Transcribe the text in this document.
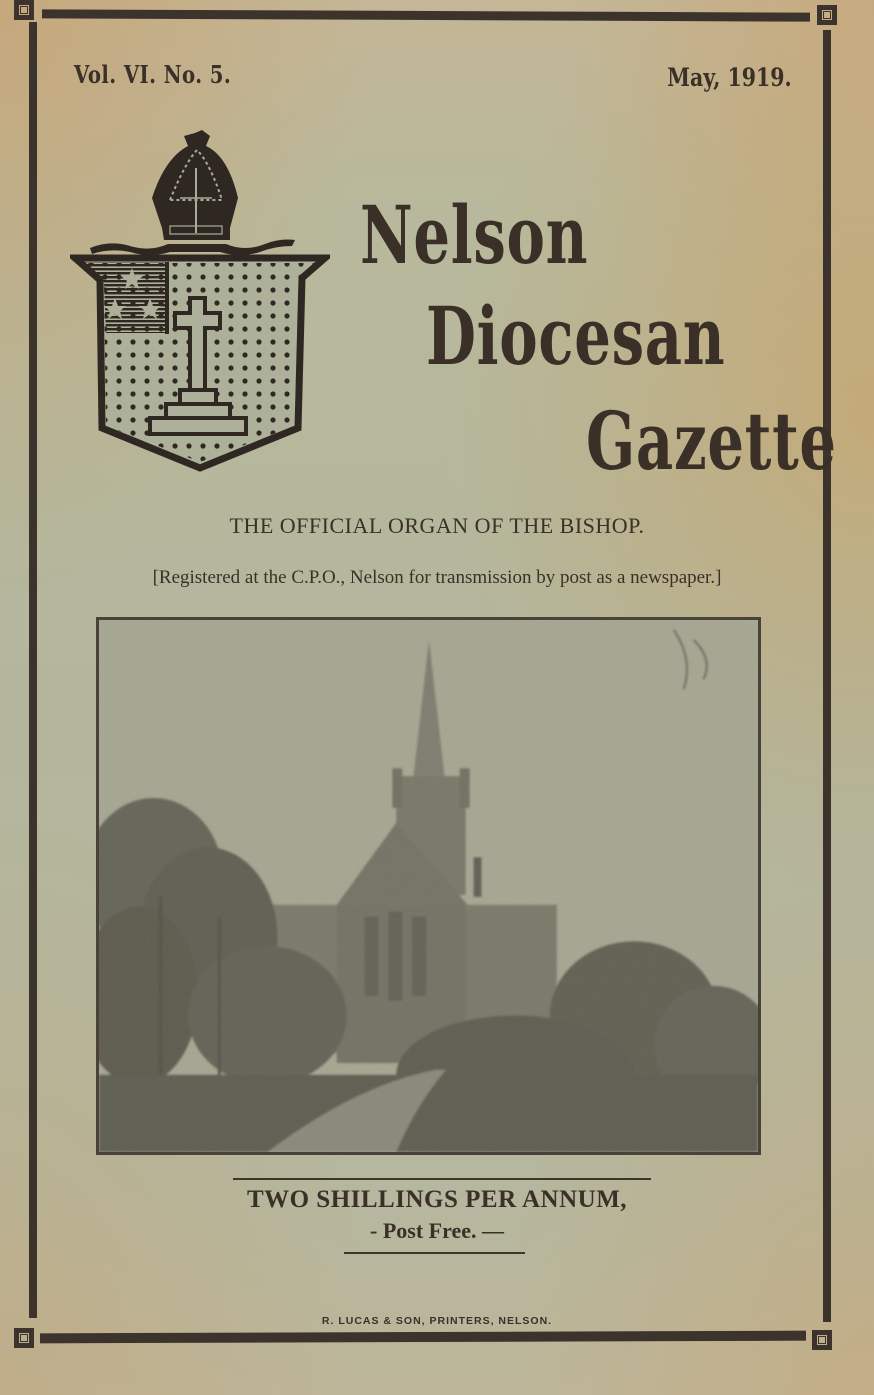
Vol. VI. No. 5.	May, 1919.
Nelson
Diocesan
Gazette
THE OFFICIAL ORGAN OF THE BISHOP.
[Registered at the C.P.O., Nelson for transmission by post as a newspaper.]
TWO SHILLINGS PER ANNUM,
- Post Free. —
R. LUCAS & SON, PRINTERS, NELSON.
